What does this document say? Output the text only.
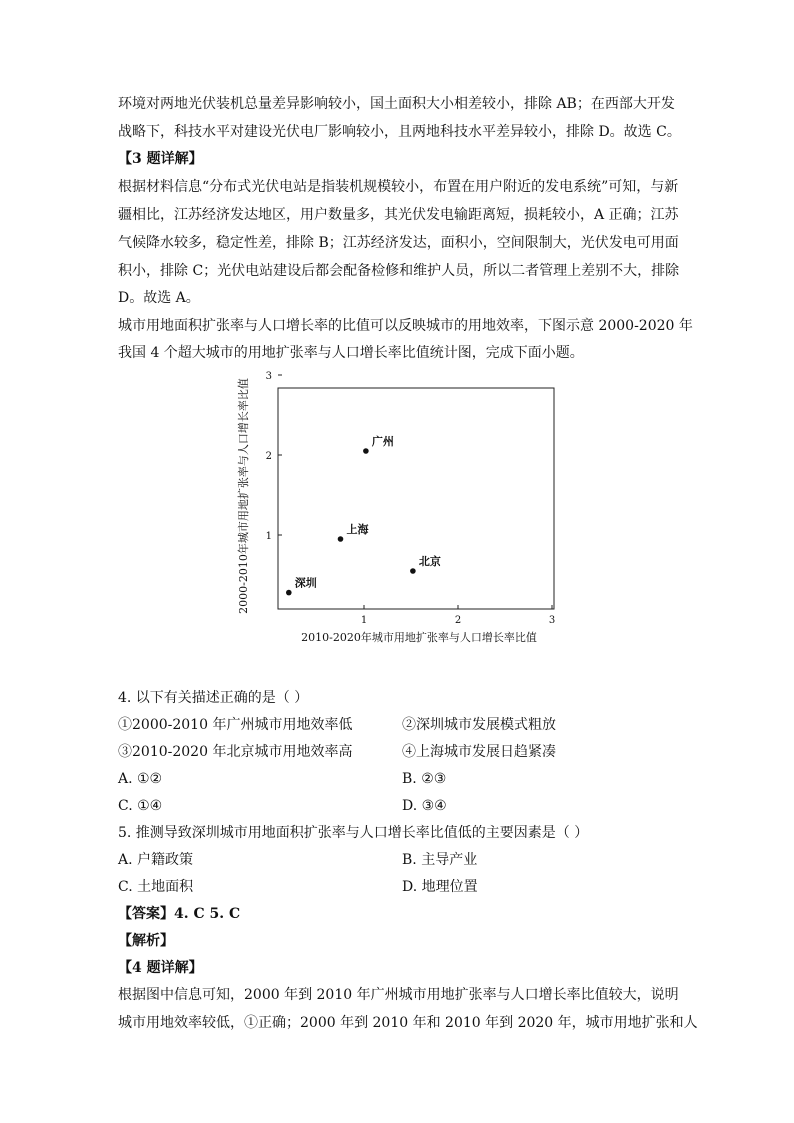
环境对两地光伏装机总量差异影响较小，国土面积大小相差较小，排除 AB；在西部大开发
战略下，科技水平对建设光伏电厂影响较小，且两地科技水平差异较小，排除 D。故选 C。
【3 题详解】
根据材料信息“分布式光伏电站是指装机规模较小，布置在用户附近的发电系统”可知，与新
疆相比，江苏经济发达地区，用户数量多，其光伏发电输距离短，损耗较小，A 正确；江苏
气候降水较多，稳定性差，排除 B；江苏经济发达，面积小，空间限制大，光伏发电可用面
积小，排除 C；光伏电站建设后都会配备检修和维护人员，所以二者管理上差别不大，排除
D。故选 A。
城市用地面积扩张率与人口增长率的比值可以反映城市的用地效率，下图示意 2000-2020 年
我国 4 个超大城市的用地扩张率与人口增长率比值统计图，完成下面小题。
1	2	3
1
2
3
广州
上海
北京
深圳
2010-2020年城市用地扩张率与人口增长率比值
2000-2010年城市用地扩张率与人口增长率比值
4. 以下有关描述正确的是（ ）
①2000-2010 年广州城市用地效率低	②深圳城市发展模式粗放
③2010-2020 年北京城市用地效率高	④上海城市发展日趋紧凑
A. ①②	B. ②③
C. ①④	D. ③④
5. 推测导致深圳城市用地面积扩张率与人口增长率比值低的主要因素是（ ）
A. 户籍政策	B. 主导产业
C. 土地面积	D. 地理位置
【答案】4. C 5. C
【解析】
【4 题详解】
根据图中信息可知，2000 年到 2010 年广州城市用地扩张率与人口增长率比值较大，说明
城市用地效率较低，①正确；2000 年到 2010 年和 2010 年到 2020 年，城市用地扩张和人
